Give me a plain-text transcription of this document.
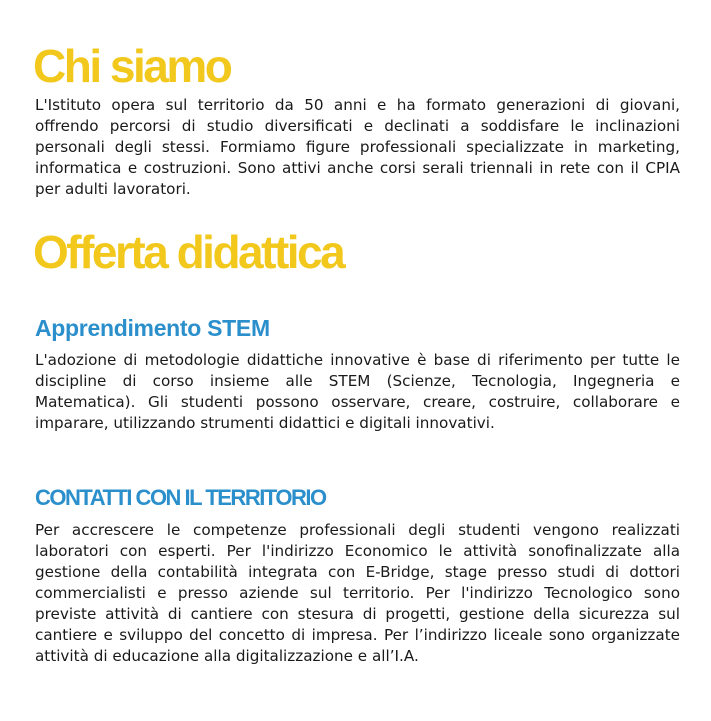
Chi siamo

L'Istituto opera sul territorio da 50 anni e ha formato generazioni di giovani, offrendo percorsi di studio diversificati e declinati a soddisfare le inclinazioni personali degli stessi. Formiamo figure professionali specializzate in marketing, informatica e costruzioni. Sono attivi anche corsi serali triennali in rete con il CPIA per adulti lavoratori.

Offerta didattica
Apprendimento STEM

L'adozione di metodologie didattiche innovative è base di riferimento per tutte le discipline di corso insieme alle STEM (Scienze, Tecnologia, Ingegneria e Matematica). Gli studenti possono osservare, creare, costruire, collaborare e imparare, utilizzando strumenti didattici e digitali innovativi.

CONTATTI CON IL TERRITORIO

Per accrescere le competenze professionali degli studenti vengono realizzati laboratori con esperti. Per l'indirizzo Economico le attività sonofinalizzate alla gestione della contabilità integrata con E-Bridge, stage presso studi di dottori commercialisti e presso aziende sul territorio. Per l'indirizzo Tecnologico sono previste attività di cantiere con stesura di progetti, gestione della sicurezza sul cantiere e sviluppo del concetto di impresa. Per l’indirizzo liceale sono organizzate attività di educazione alla digitalizzazione e all’I.A.
